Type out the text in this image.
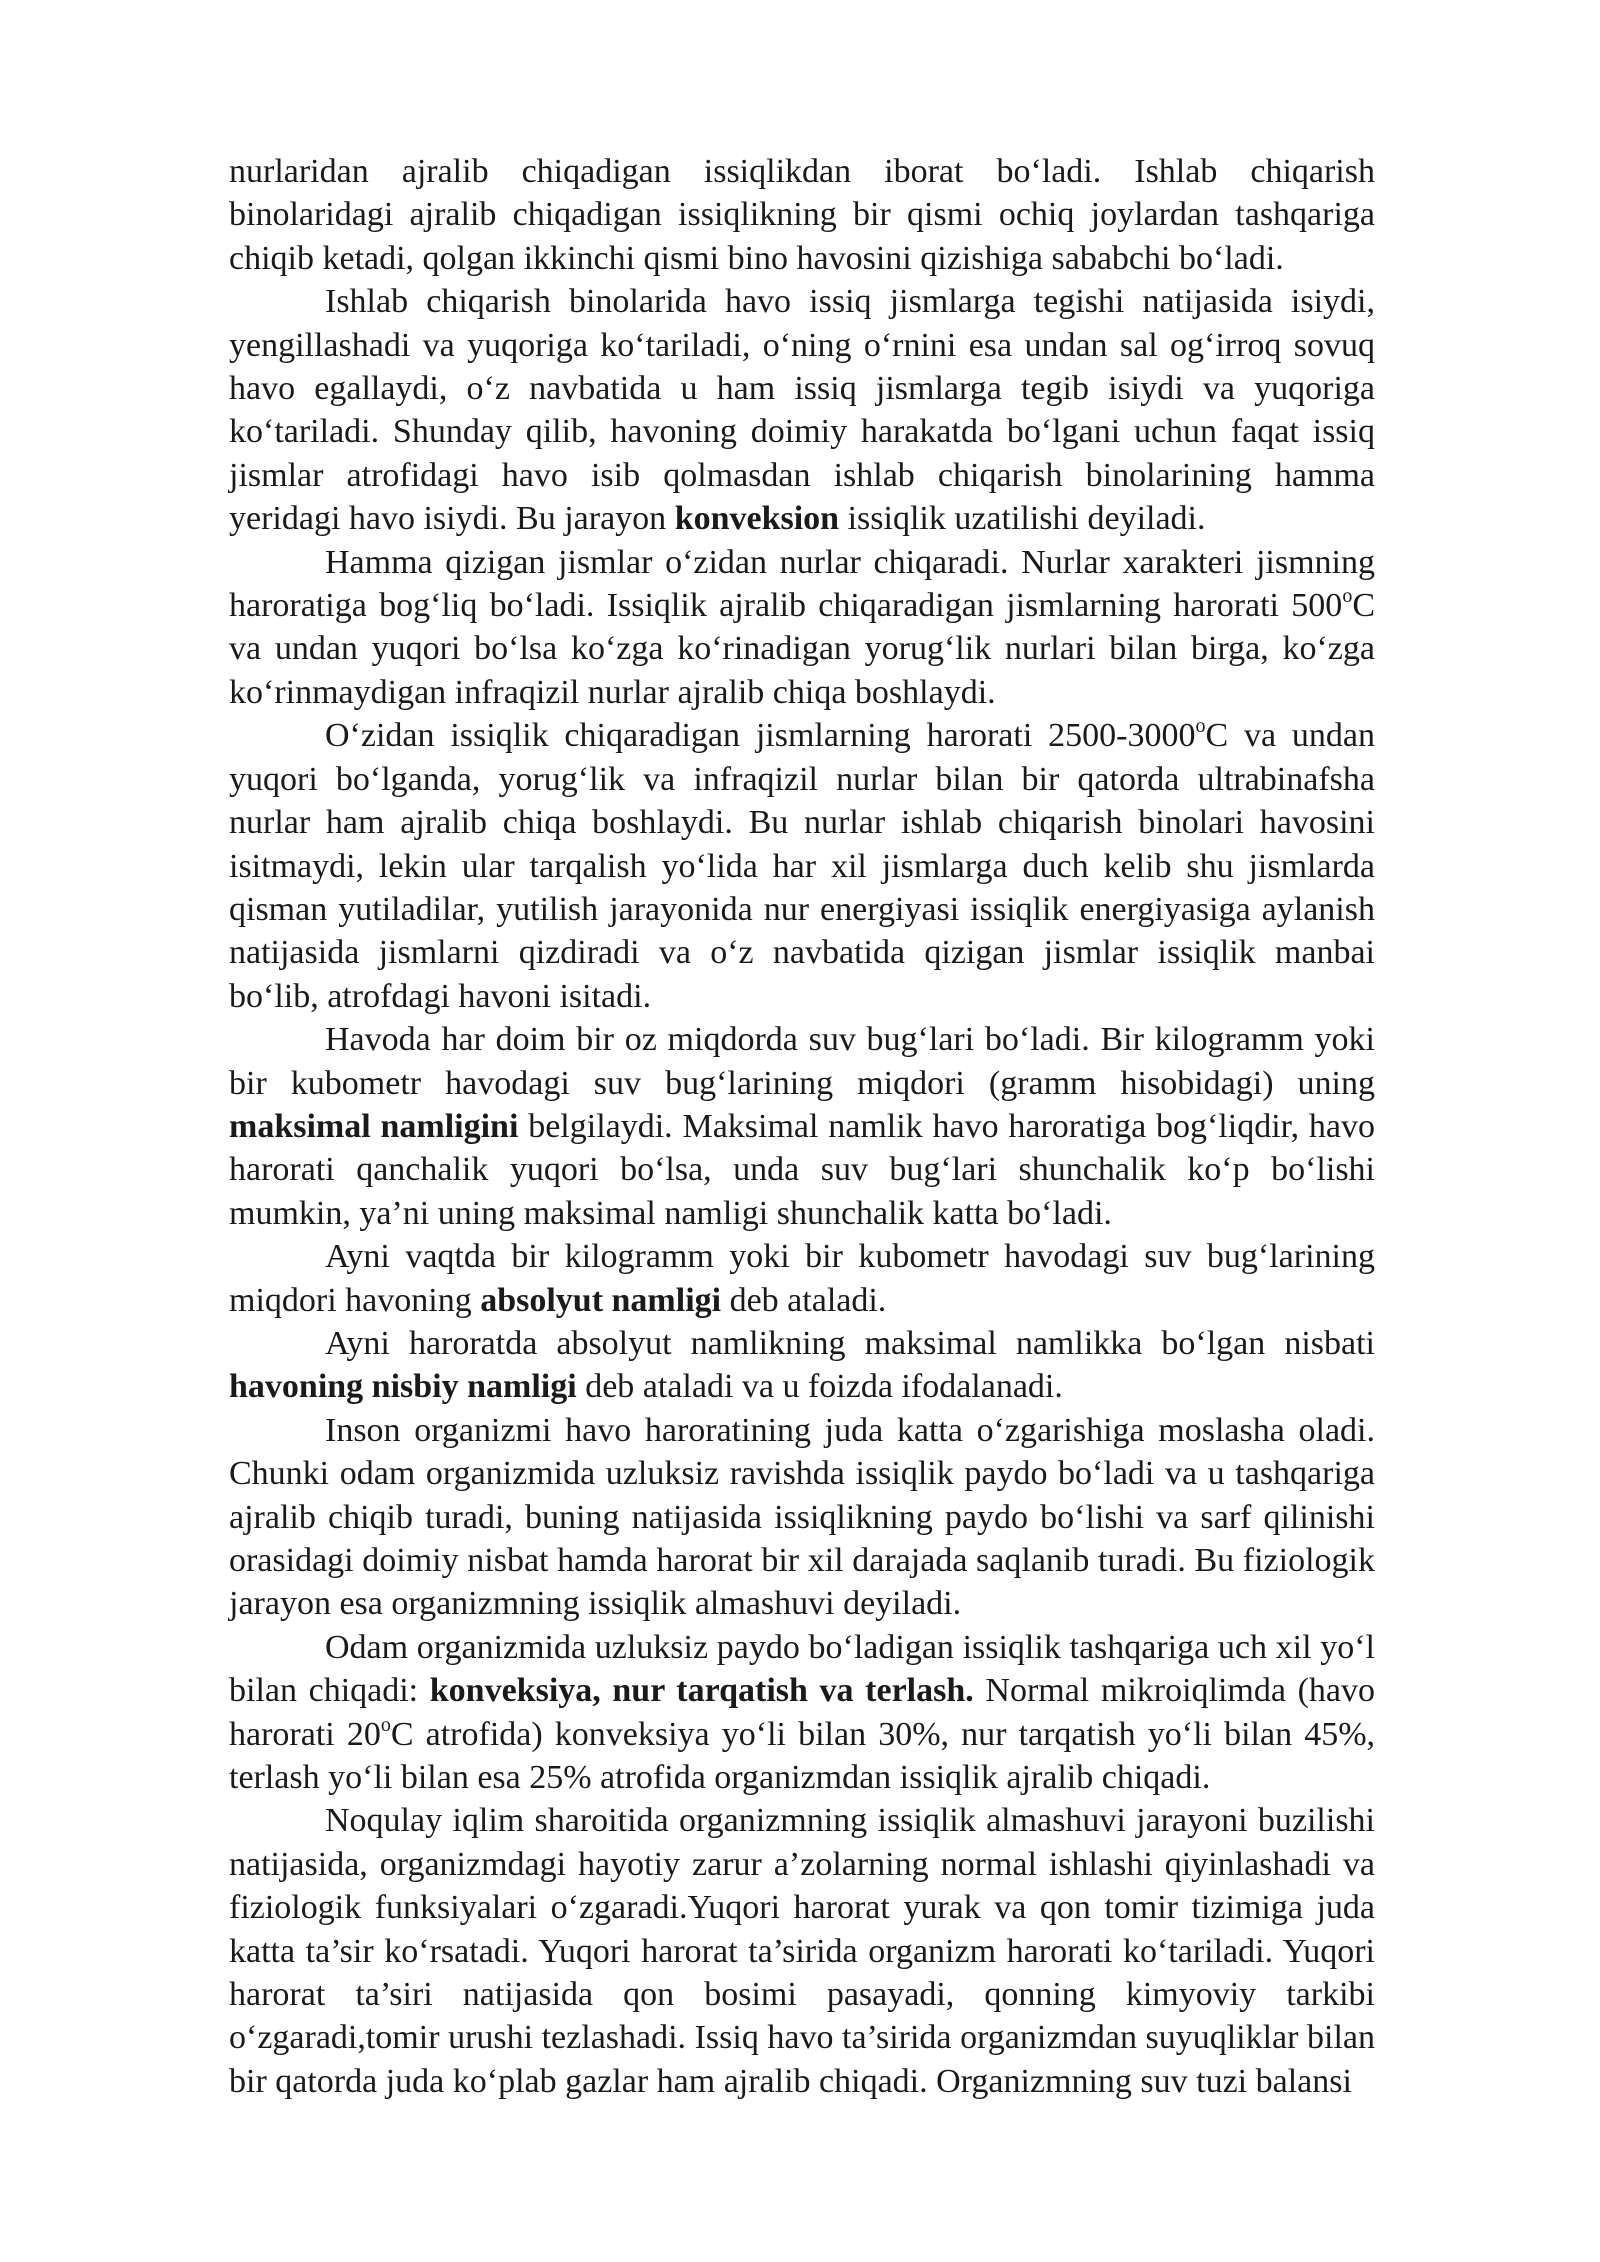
nurlaridan ajralib chiqadigan issiqlikdan iborat bo‘ladi. Ishlab chiqarish binolaridagi ajralib chiqadigan issiqlikning bir qismi ochiq joylardan tashqariga chiqib ketadi, qolgan ikkinchi qismi bino havosini qizishiga sababchi bo‘ladi.

Ishlab chiqarish binolarida havo issiq jismlarga tegishi natijasida isiydi, yengillashadi va yuqoriga ko‘tariladi, o‘ning o‘rnini esa undan sal og‘irroq sovuq havo egallaydi, o‘z navbatida u ham issiq jismlarga tegib isiydi va yuqoriga ko‘tariladi. Shunday qilib, havoning doimiy harakatda bo‘lgani uchun faqat issiq jismlar atrofidagi havo isib qolmasdan ishlab chiqarish binolarining hamma yeridagi havo isiydi. Bu jarayon konveksion issiqlik uzatilishi deyiladi.

Hamma qizigan jismlar o‘zidan nurlar chiqaradi. Nurlar xarakteri jismning haroratiga bog‘liq bo‘ladi. Issiqlik ajralib chiqaradigan jismlarning harorati 500$^o$C va undan yuqori bo‘lsa ko‘zga ko‘rinadigan yorug‘lik nurlari bilan birga, ko‘zga ko‘rinmaydigan infraqizil nurlar ajralib chiqa boshlaydi.

O‘zidan issiqlik chiqaradigan jismlarning harorati 2500-3000$^o$C va undan yuqori bo‘lganda, yorug‘lik va infraqizil nurlar bilan bir qatorda ultrabinafsha nurlar ham ajralib chiqa boshlaydi. Bu nurlar ishlab chiqarish binolari havosini isitmaydi, lekin ular tarqalish yo‘lida har xil jismlarga duch kelib shu jismlarda qisman yutiladilar, yutilish jarayonida nur energiyasi issiqlik energiyasiga aylanish natijasida jismlarni qizdiradi va o‘z navbatida qizigan jismlar issiqlik manbai bo‘lib, atrofdagi havoni isitadi.

Havoda har doim bir oz miqdorda suv bug‘lari bo‘ladi. Bir kilogramm yoki bir kubometr havodagi suv bug‘larining miqdori (gramm hisobidagi) uning maksimal namligini belgilaydi. Maksimal namlik havo haroratiga bog‘liqdir, havo harorati qanchalik yuqori bo‘lsa, unda suv bug‘lari shunchalik ko‘p bo‘lishi mumkin, ya’ni uning maksimal namligi shunchalik katta bo‘ladi.

Ayni vaqtda bir kilogramm yoki bir kubometr havodagi suv bug‘larining miqdori havoning absolyut namligi deb ataladi.

Ayni haroratda absolyut namlikning maksimal namlikka bo‘lgan nisbati havoning nisbiy namligi deb ataladi va u foizda ifodalanadi.

Inson organizmi havo haroratining juda katta o‘zgarishiga moslasha oladi. Chunki odam organizmida uzluksiz ravishda issiqlik paydo bo‘ladi va u tashqariga ajralib chiqib turadi, buning natijasida issiqlikning paydo bo‘lishi va sarf qilinishi orasidagi doimiy nisbat hamda harorat bir xil darajada saqlanib turadi. Bu fiziologik jarayon esa organizmning issiqlik almashuvi deyiladi.

Odam organizmida uzluksiz paydo bo‘ladigan issiqlik tashqariga uch xil yo‘l bilan chiqadi: konveksiya, nur tarqatish va terlash. Normal mikroiqlimda (havo harorati 20$^o$C atrofida) konveksiya yo‘li bilan 30%, nur tarqatish yo‘li bilan 45%, terlash yo‘li bilan esa 25% atrofida organizmdan issiqlik ajralib chiqadi.

Noqulay iqlim sharoitida organizmning issiqlik almashuvi jarayoni buzilishi natijasida, organizmdagi hayotiy zarur a’zolarning normal ishlashi qiyinlashadi va fiziologik funksiyalari o‘zgaradi.Yuqori harorat yurak va qon tomir tizimiga juda katta ta’sir ko‘rsatadi. Yuqori harorat ta’sirida organizm harorati ko‘tariladi. Yuqori harorat ta’siri natijasida qon bosimi pasayadi, qonning kimyoviy tarkibi o‘zgaradi,tomir urushi tezlashadi. Issiq havo ta’sirida organizmdan suyuqliklar bilan bir qatorda juda ko‘plab gazlar ham ajralib chiqadi. Organizmning suv tuzi balansi
